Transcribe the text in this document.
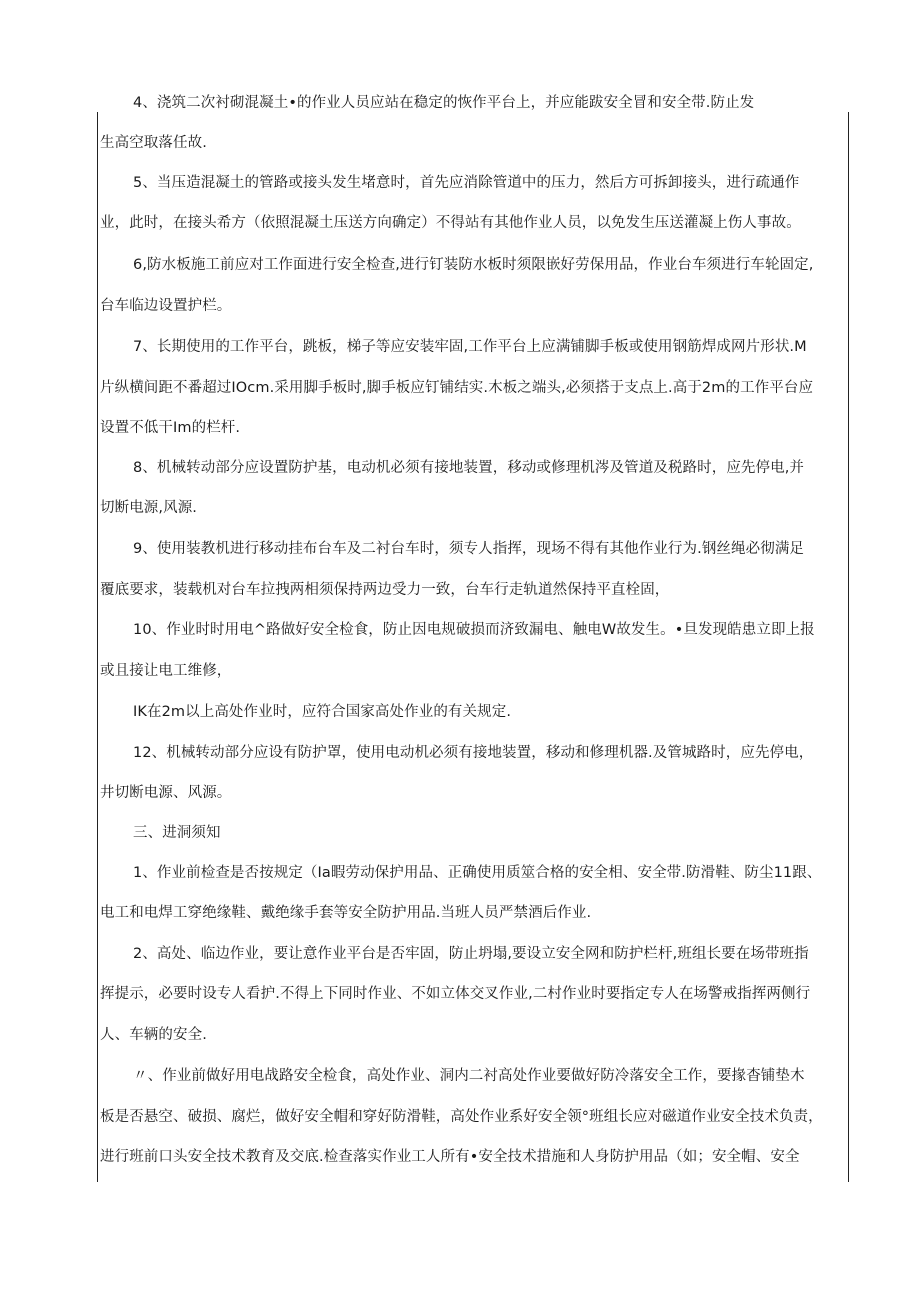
4、浇筑二次衬砌混凝土•的作业人员应站在稳定的恢作平台上，并应能跋安全冒和安全带.防止发
生高空取落任故.
5、当压造混凝土的管路或接头发生堵意时，首先应消除管道中的压力，然后方可拆卸接头，进行疏通作
业，此时，在接头希方（依照混凝土压送方向确定）不得站有其他作业人员，以免发生压送灌凝上伤人事故。
6,防水板施工前应对工作面进行安全检查,进行钉装防水板时须限嵌好劳保用品，作业台车须进行车轮固定,
台车临边设置护栏。
7、长期使用的工作平台，跳板，梯子等应安装牢固,工作平台上应满铺脚手板或使用钢筋焊成网片形状.M
片纵横间距不番超过IOcm.采用脚手板时,脚手板应钉铺结实.木板之端头,必须搭于支点上.高于2m的工作平台应
设置不低干Im的栏杆.
8、机械转动部分应设置防护基，电动机必须有接地装置，移动或修理机涔及管道及税路时，应先停电,并
切断电源,风源.
9、使用装教机进行移动挂布台车及二衬台车时，须专人指挥，现场不得有其他作业行为.钢丝绳必彻满足
覆底要求，装载机对台车拉拽两相须保持两边受力一致，台车行走轨道然保持平直栓固，
10、作业时时用电^路做好安全检食，防止因电规破损而济致漏电、触电W故发生。•旦发现皓患立即上报
或且接让电工维修，
IK在2m以上高处作业时，应符合国家高处作业的有关规定.
12、机械转动部分应设有防护罩，使用电动机必须有接地装置，移动和修理机器.及管城路时，应先停电，
井切断电源、风源。
三、进洞须知
1、作业前检查是否按规定（Ia暇劳动保护用品、正确使用质筮合格的安全相、安全带.防滑鞋、防尘11跟、
电工和电焊工穿绝缘鞋、戴绝缘手套等安全防护用品.当班人员严禁酒后作业.
2、高处、临边作业，要让意作业平台是否牢固，防止坍塌,要设立安全网和防护栏杆,班组长要在场带班指
挥提示，必要时设专人看护.不得上下同时作业、不如立体交叉作业,二村作业时要指定专人在场警戒指挥两侧行
人、车辆的安全.
〃、作业前做好用电战路安全检食，高处作业、洞内二衬高处作业要做好防冷落安全工作，要掾杳铺垫木
板是否悬空、破损、腐烂，做好安全帽和穿好防滑鞋，高处作业系好安全领°班组长应对磁道作业安全技术负责，
进行班前口头安全技术教育及交底.检查落实作业工人所有•安全技术措施和人身防护用品（如；安全帽、安全
